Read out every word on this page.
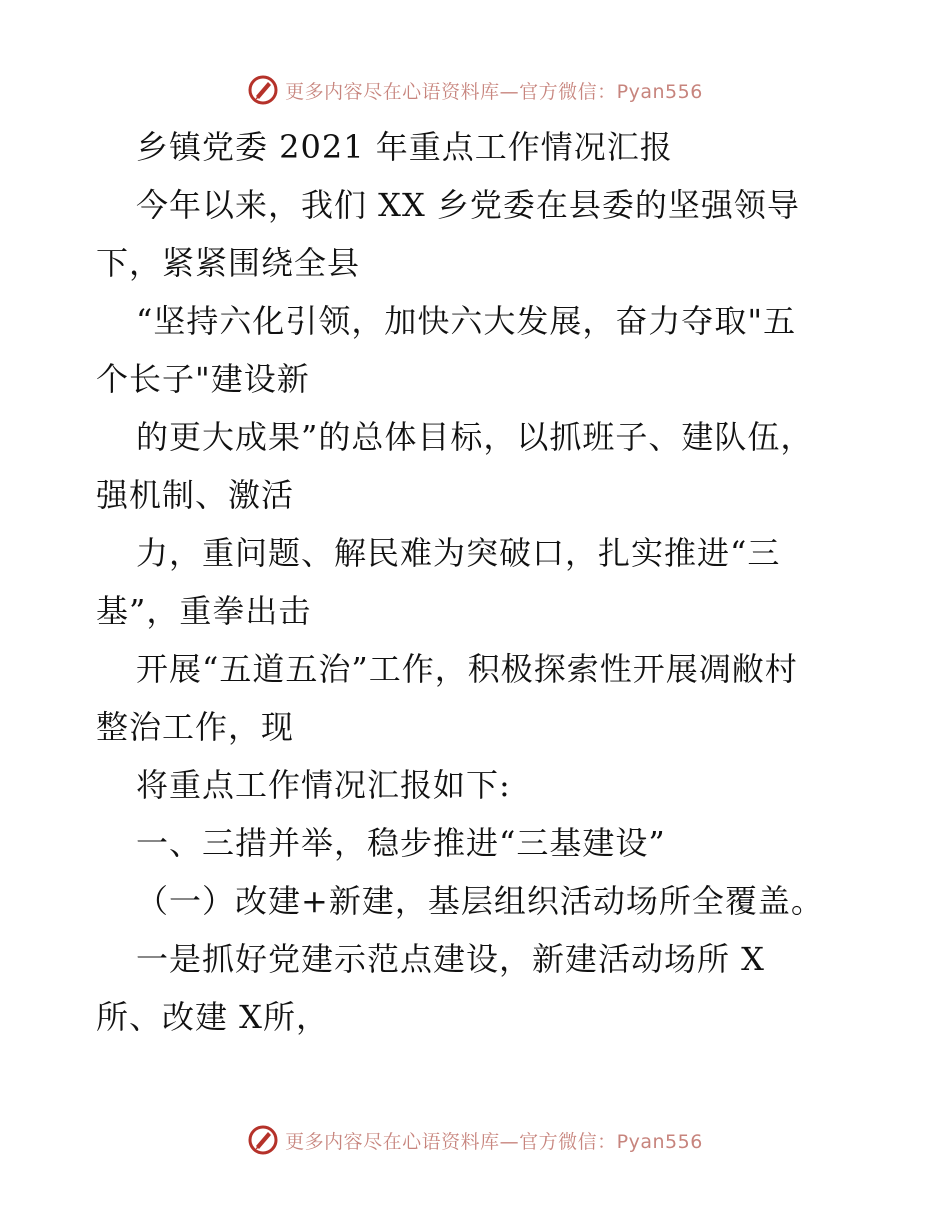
更多内容尽在心语资料库—官方微信：Pyan556
乡镇党委 2021 年重点工作情况汇报
今年以来，我们 XX 乡党委在县委的坚强领导
下，紧紧围绕全县
“坚持六化引领，加快六大发展，奋力夺取"五
个长子"建设新
的更大成果”的总体目标，以抓班子、建队伍，
强机制、激活
力，重问题、解民难为突破口，扎实推进“三
基”，重拳出击
开展“五道五治”工作，积极探索性开展凋敝村
整治工作，现
将重点工作情况汇报如下:
一、三措并举，稳步推进“三基建设”
（一）改建+新建，基层组织活动场所全覆盖。
一是抓好党建示范点建设，新建活动场所 X
所、改建 X所，
更多内容尽在心语资料库—官方微信：Pyan556
